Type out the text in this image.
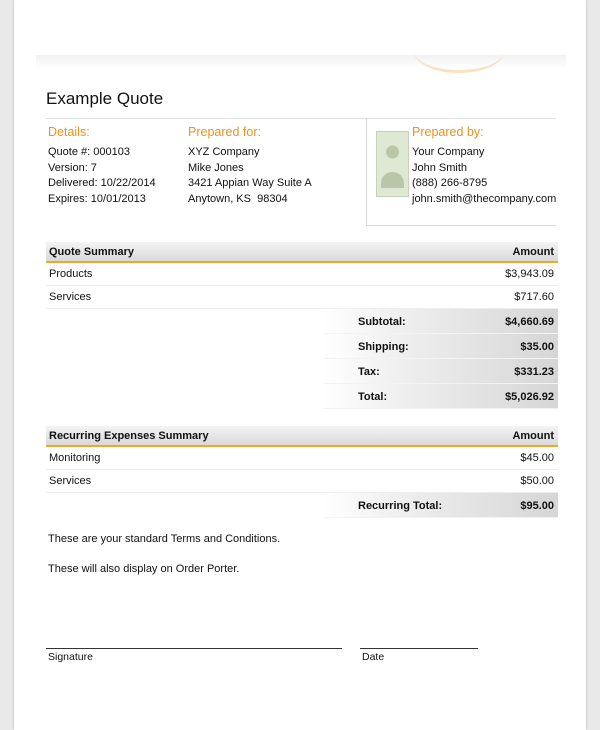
Example Quote
Details:
Quote #: 000103
Version: 7
Delivered: 10/22/2014
Expires: 10/01/2013
Prepared for:
XYZ Company
Mike Jones
3421 Appian Way Suite A
Anytown, KS  98304
Prepared by:
Your Company
John Smith
(888) 266-8795
john.smith@thecompany.com
Quote Summary	Amount
Products	$3,943.09
Services	$717.60
Subtotal:	$4,660.69
Shipping:	$35.00
Tax:	$331.23
Total:	$5,026.92
Recurring Expenses Summary	Amount
Monitoring	$45.00
Services	$50.00
Recurring Total:	$95.00
These are your standard Terms and Conditions.
These will also display on Order Porter.
Signature	Date
